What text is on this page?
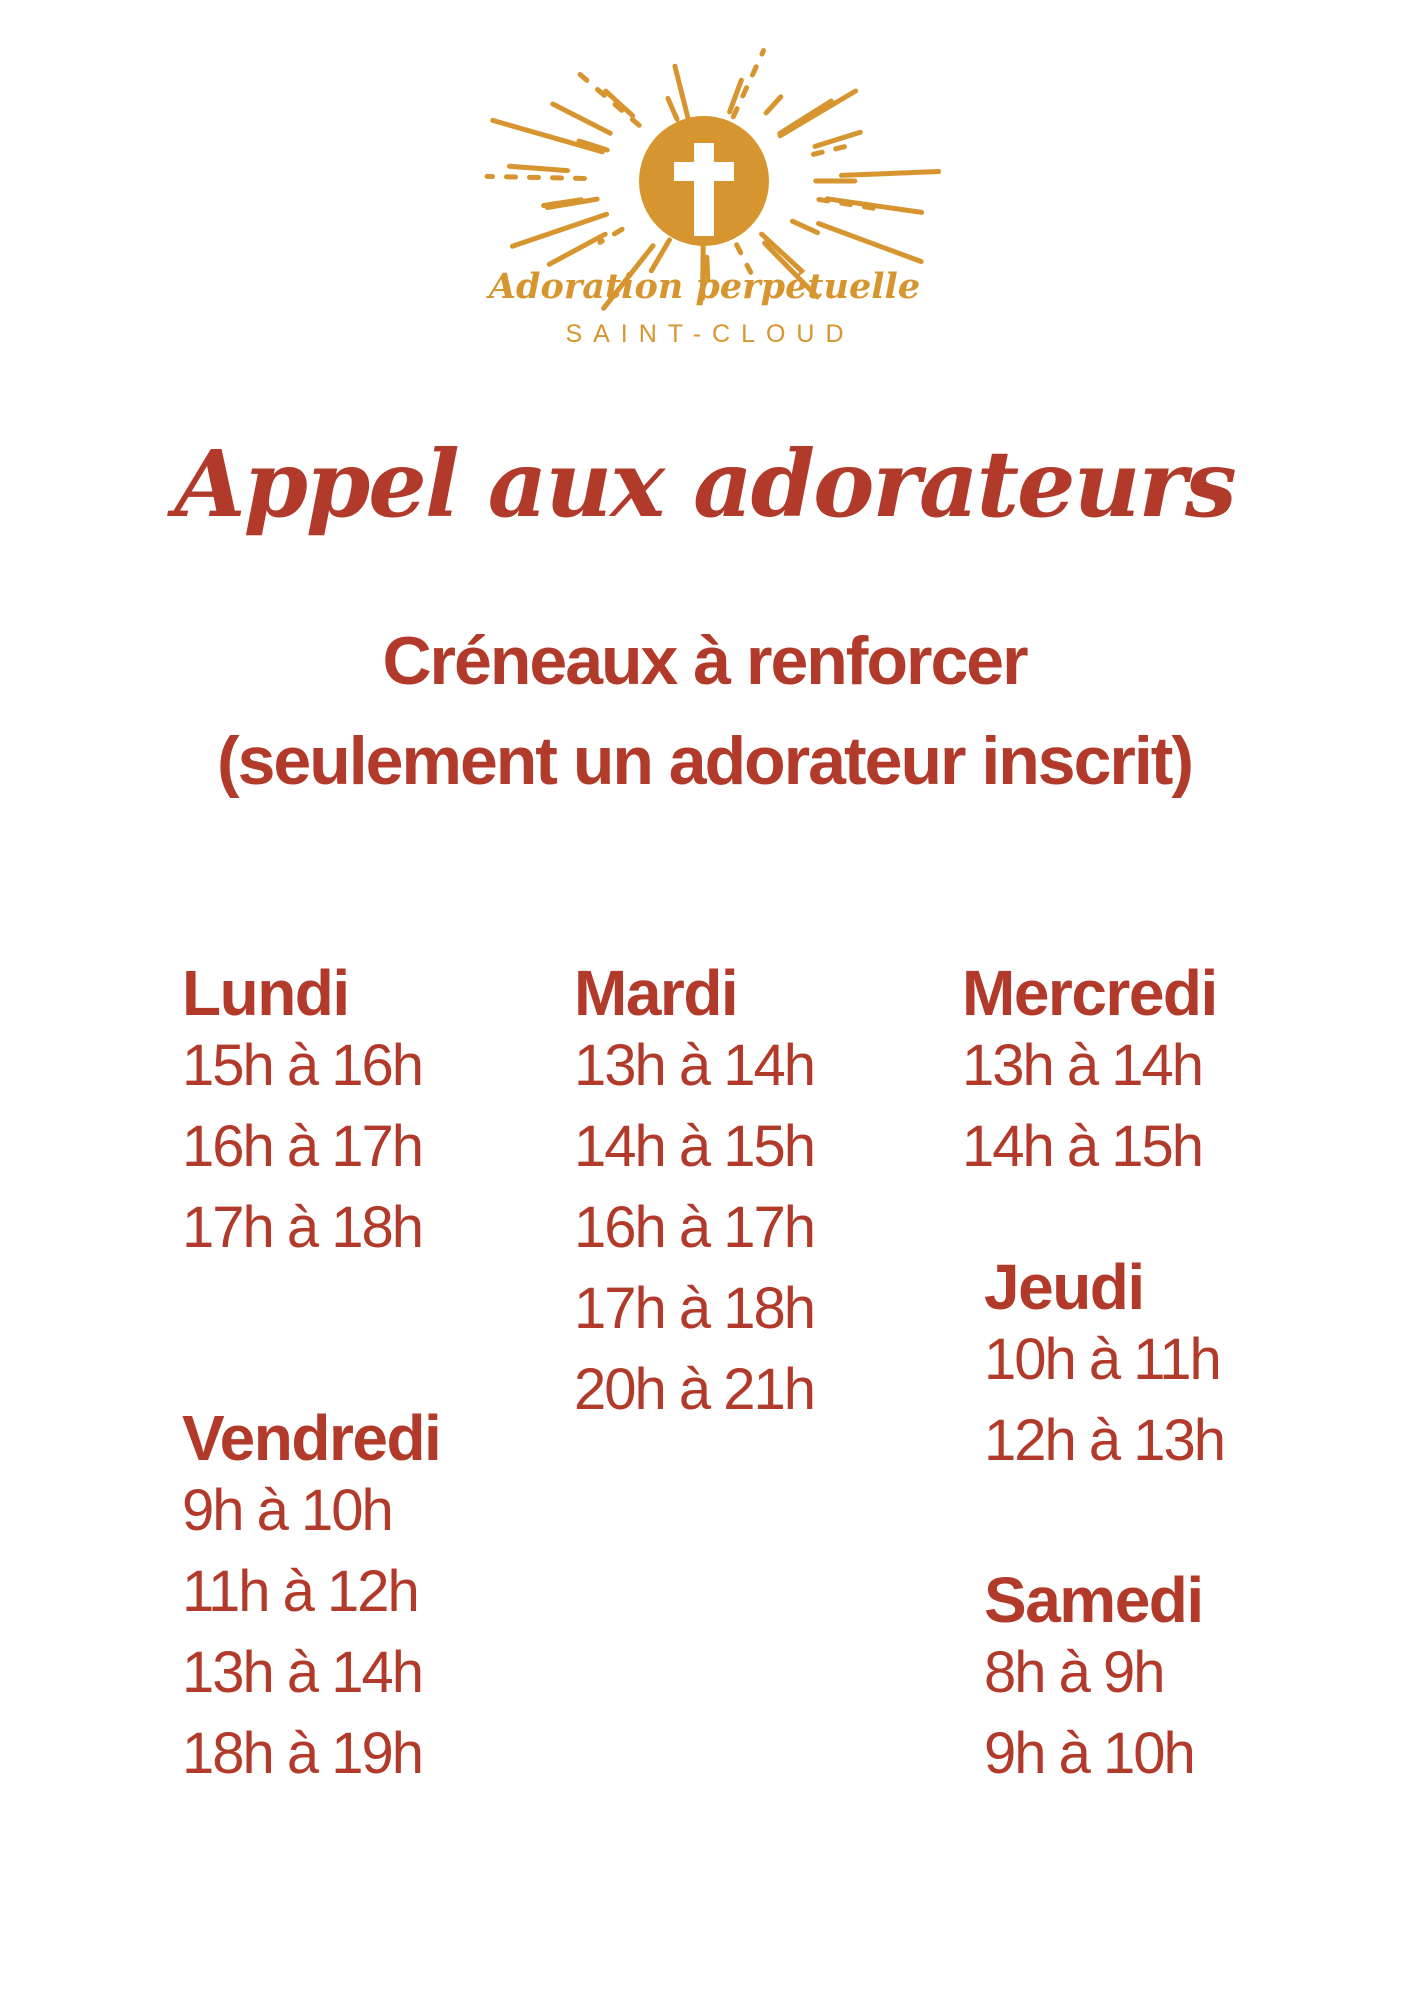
Adoration perpétuelle
SAINT-CLOUD
Appel aux adorateurs
Créneaux à renforcer
(seulement un adorateur inscrit)
Lundi
15h à 16h
16h à 17h
17h à 18h
Vendredi
9h à 10h
11h à 12h
13h à 14h
18h à 19h
Mardi
13h à 14h
14h à 15h
16h à 17h
17h à 18h
20h à 21h
Mercredi
13h à 14h
14h à 15h
Jeudi
10h à 11h
12h à 13h
Samedi
8h à 9h
9h à 10h
